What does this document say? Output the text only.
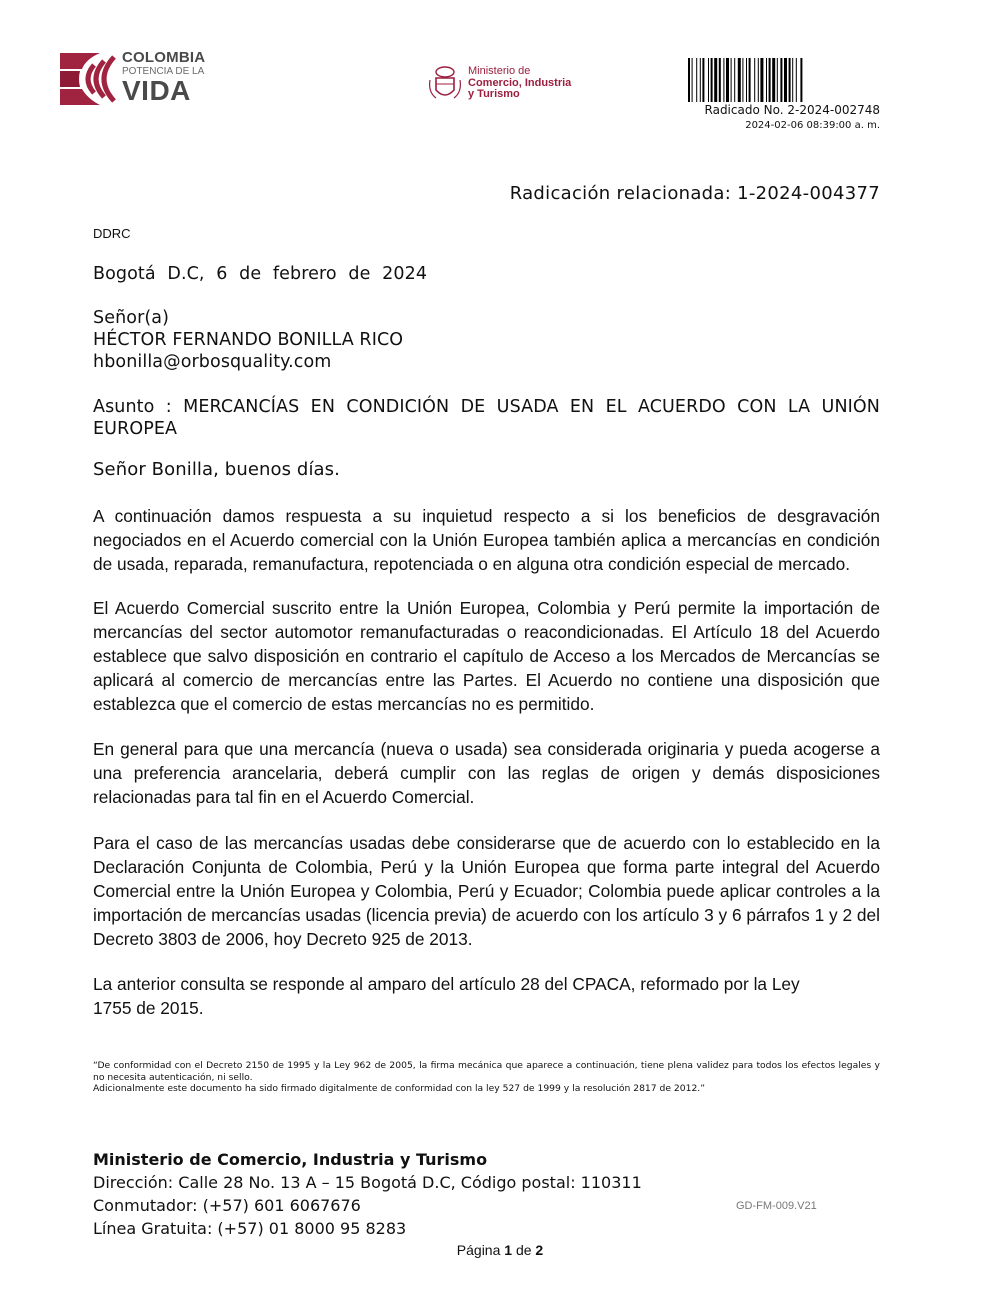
COLOMBIA
POTENCIA DE LA
VIDA
Ministerio de
Comercio, Industria
y Turismo
Radicado No. 2-2024-002748
2024-02-06 08:39:00 a. m.
Radicación relacionada: 1-2024-004377
DDRC
Bogotá D.C, 6 de febrero de 2024
Señor(a)
HÉCTOR FERNANDO BONILLA RICO
hbonilla@orbosquality.com
Asunto : MERCANCÍAS EN CONDICIÓN DE USADA EN EL ACUERDO CON LA UNIÓN EUROPEA
Señor Bonilla, buenos días.
A continuación damos respuesta a su inquietud respecto a si los beneficios de desgravación negociados en el Acuerdo comercial con la Unión Europea también aplica a mercancías en condición de usada, reparada, remanufactura, repotenciada o en alguna otra condición especial de mercado.
El Acuerdo Comercial suscrito entre la Unión Europea, Colombia y Perú permite la importación de mercancías del sector automotor remanufacturadas o reacondicionadas. El Artículo 18 del Acuerdo establece que salvo disposición en contrario el capítulo de Acceso a los Mercados de Mercancías se aplicará al comercio de mercancías entre las Partes. El Acuerdo no contiene una disposición que establezca que el comercio de estas mercancías no es permitido.
En general para que una mercancía (nueva o usada) sea considerada originaria y pueda acogerse a una preferencia arancelaria, deberá cumplir con las reglas de origen y demás disposiciones relacionadas para tal fin en el Acuerdo Comercial.
Para el caso de las mercancías usadas debe considerarse que de acuerdo con lo establecido en la Declaración Conjunta de Colombia, Perú y la Unión Europea que forma parte integral del Acuerdo Comercial entre la Unión Europea y Colombia, Perú y Ecuador; Colombia puede aplicar controles a la importación de mercancías usadas (licencia previa) de acuerdo con los artículo 3 y 6 párrafos 1 y 2 del Decreto 3803 de 2006, hoy Decreto 925 de 2013.
La anterior consulta se responde al amparo del artículo 28 del CPACA, reformado por la Ley 1755 de 2015.
“De conformidad con el Decreto 2150 de 1995 y la Ley 962 de 2005, la firma mecánica que aparece a continuación, tiene plena validez para todos los efectos legales y no necesita autenticación, ni sello.
Adicionalmente este documento ha sido firmado digitalmente de conformidad con la ley 527 de 1999 y la resolución 2817 de 2012.”
Ministerio de Comercio, Industria y Turismo
Dirección: Calle 28 No. 13 A – 15 Bogotá D.C, Código postal: 110311
Conmutador: (+57) 601 6067676
Línea Gratuita: (+57) 01 8000 95 8283
GD-FM-009.V21
Página 1 de 2
